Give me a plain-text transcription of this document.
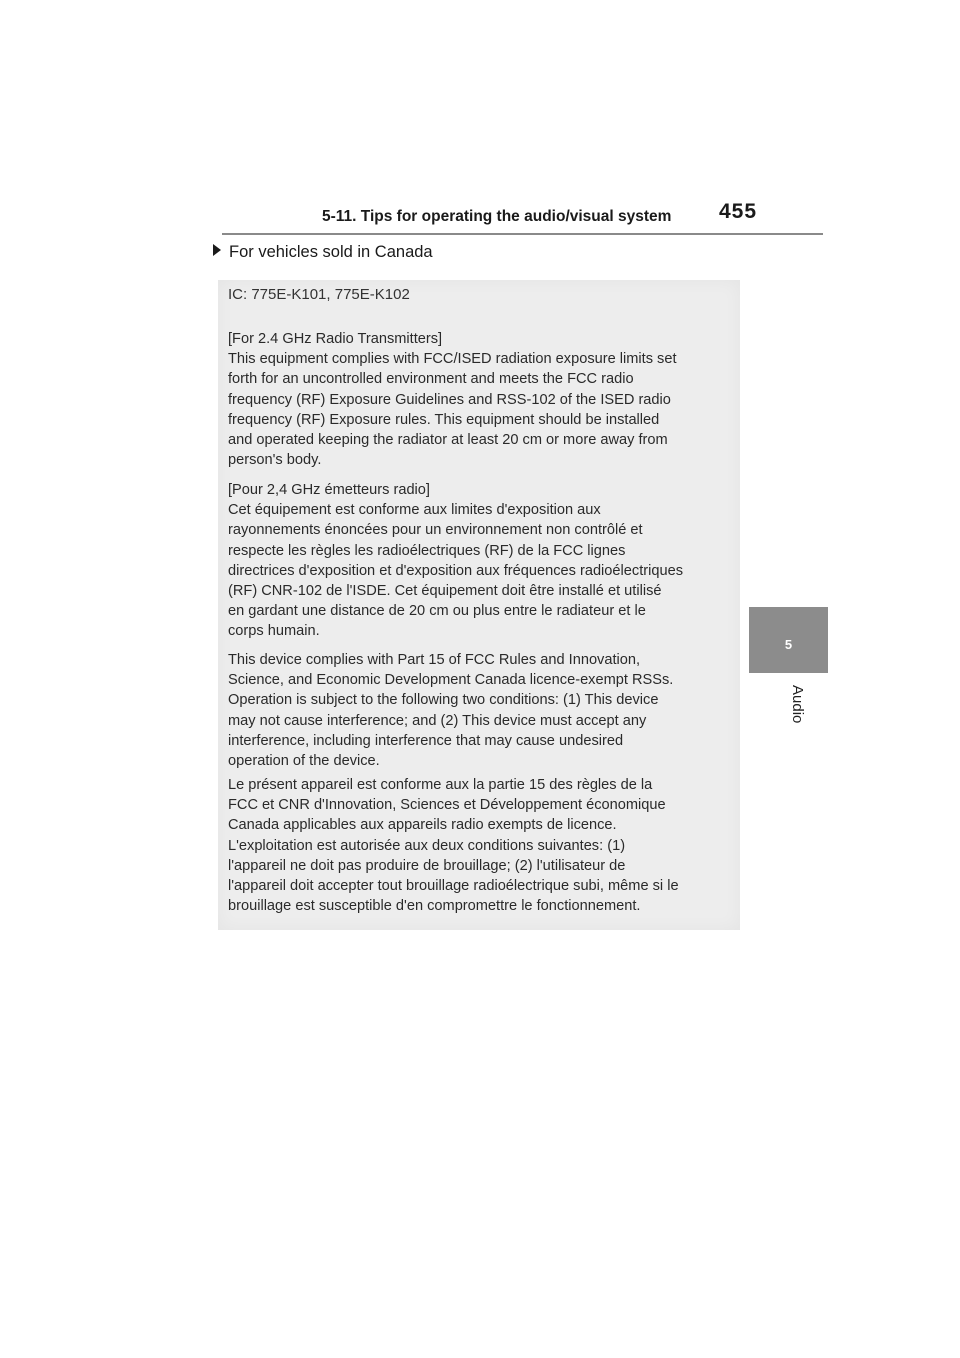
5-11. Tips for operating the audio/visual system 455
For vehicles sold in Canada
5
Audio
IC: 775E-K101, 775E-K102

[For 2.4 GHz Radio Transmitters]

This equipment complies with FCC/ISED radiation exposure limits set

forth for an uncontrolled environment and meets the FCC radio

frequency (RF) Exposure Guidelines and RSS-102 of the ISED radio

frequency (RF) Exposure rules. This equipment should be installed

and operated keeping the radiator at least 20 cm or more away from

person's body.

[Pour 2,4 GHz émetteurs radio]

Cet équipement est conforme aux limites d'exposition aux

rayonnements énoncées pour un environnement non contrôlé et

respecte les règles les radioélectriques (RF) de la FCC lignes

directrices d'exposition et d'exposition aux fréquences radioélectriques

(RF) CNR-102 de l'ISDE. Cet équipement doit être installé et utilisé

en gardant une distance de 20 cm ou plus entre le radiateur et le

corps humain.

This device complies with Part 15 of FCC Rules and Innovation,

Science, and Economic Development Canada licence-exempt RSSs.

Operation is subject to the following two conditions: (1) This device

may not cause interference; and (2) This device must accept any

interference, including interference that may cause undesired

operation of the device.

Le présent appareil est conforme aux la partie 15 des règles de la

FCC et CNR d'Innovation, Sciences et Développement économique

Canada applicables aux appareils radio exempts de licence.

L'exploitation est autorisée aux deux conditions suivantes: (1)

l'appareil ne doit pas produire de brouillage; (2) l'utilisateur de

l'appareil doit accepter tout brouillage radioélectrique subi, même si le

brouillage est susceptible d'en compromettre le fonctionnement.
